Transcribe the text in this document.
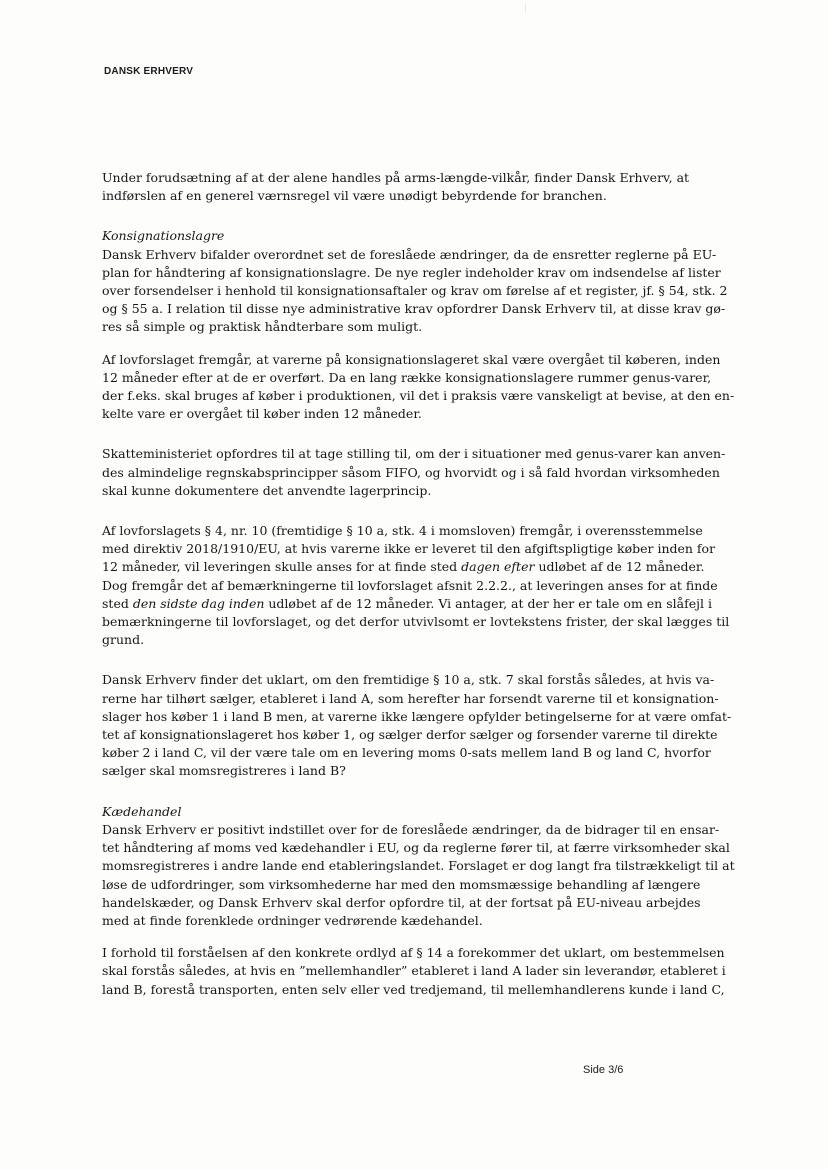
DANSK ERHVERV

Under forudsætning af at der alene handles på arms-længde-vilkår, finder Dansk Erhverv, at
indførslen af en generel værnsregel vil være unødigt bebyrdende for branchen.

Konsignationslagre
Dansk Erhverv bifalder overordnet set de foreslåede ændringer, da de ensretter reglerne på EU-
plan for håndtering af konsignationslagre. De nye regler indeholder krav om indsendelse af lister
over forsendelser i henhold til konsignationsaftaler og krav om førelse af et register, jf. § 54, stk. 2
og § 55 a. I relation til disse nye administrative krav opfordrer Dansk Erhverv til, at disse krav gø-
res så simple og praktisk håndterbare som muligt.

Af lovforslaget fremgår, at varerne på konsignationslageret skal være overgået til køberen, inden
12 måneder efter at de er overført. Da en lang række konsignationslagere rummer genus-varer,
der f.eks. skal bruges af køber i produktionen, vil det i praksis være vanskeligt at bevise, at den en-
kelte vare er overgået til køber inden 12 måneder.

Skatteministeriet opfordres til at tage stilling til, om der i situationer med genus-varer kan anven-
des almindelige regnskabsprincipper såsom FIFO, og hvorvidt og i så fald hvordan virksomheden
skal kunne dokumentere det anvendte lagerprincip.

Af lovforslagets § 4, nr. 10 (fremtidige § 10 a, stk. 4 i momsloven) fremgår, i overensstemmelse
med direktiv 2018/1910/EU, at hvis varerne ikke er leveret til den afgiftspligtige køber inden for
12 måneder, vil leveringen skulle anses for at finde sted dagen efter udløbet af de 12 måneder.
Dog fremgår det af bemærkningerne til lovforslaget afsnit 2.2.2., at leveringen anses for at finde
sted den sidste dag inden udløbet af de 12 måneder. Vi antager, at der her er tale om en slåfejl i
bemærkningerne til lovforslaget, og det derfor utvivlsomt er lovtekstens frister, der skal lægges til
grund.

Dansk Erhverv finder det uklart, om den fremtidige § 10 a, stk. 7 skal forstås således, at hvis va-
rerne har tilhørt sælger, etableret i land A, som herefter har forsendt varerne til et konsignation-
slager hos køber 1 i land B men, at varerne ikke længere opfylder betingelserne for at være omfat-
tet af konsignationslageret hos køber 1, og sælger derfor sælger og forsender varerne til direkte
køber 2 i land C, vil der være tale om en levering moms 0-sats mellem land B og land C, hvorfor
sælger skal momsregistreres i land B?

Kædehandel
Dansk Erhverv er positivt indstillet over for de foreslåede ændringer, da de bidrager til en ensar-
tet håndtering af moms ved kædehandler i EU, og da reglerne fører til, at færre virksomheder skal
momsregistreres i andre lande end etableringslandet. Forslaget er dog langt fra tilstrækkeligt til at
løse de udfordringer, som virksomhederne har med den momsmæssige behandling af længere
handelskæder, og Dansk Erhverv skal derfor opfordre til, at der fortsat på EU-niveau arbejdes
med at finde forenklede ordninger vedrørende kædehandel.

I forhold til forståelsen af den konkrete ordlyd af § 14 a forekommer det uklart, om bestemmelsen
skal forstås således, at hvis en ”mellemhandler” etableret i land A lader sin leverandør, etableret i
land B, forestå transporten, enten selv eller ved tredjemand, til mellemhandlerens kunde i land C,

Side 3/6
